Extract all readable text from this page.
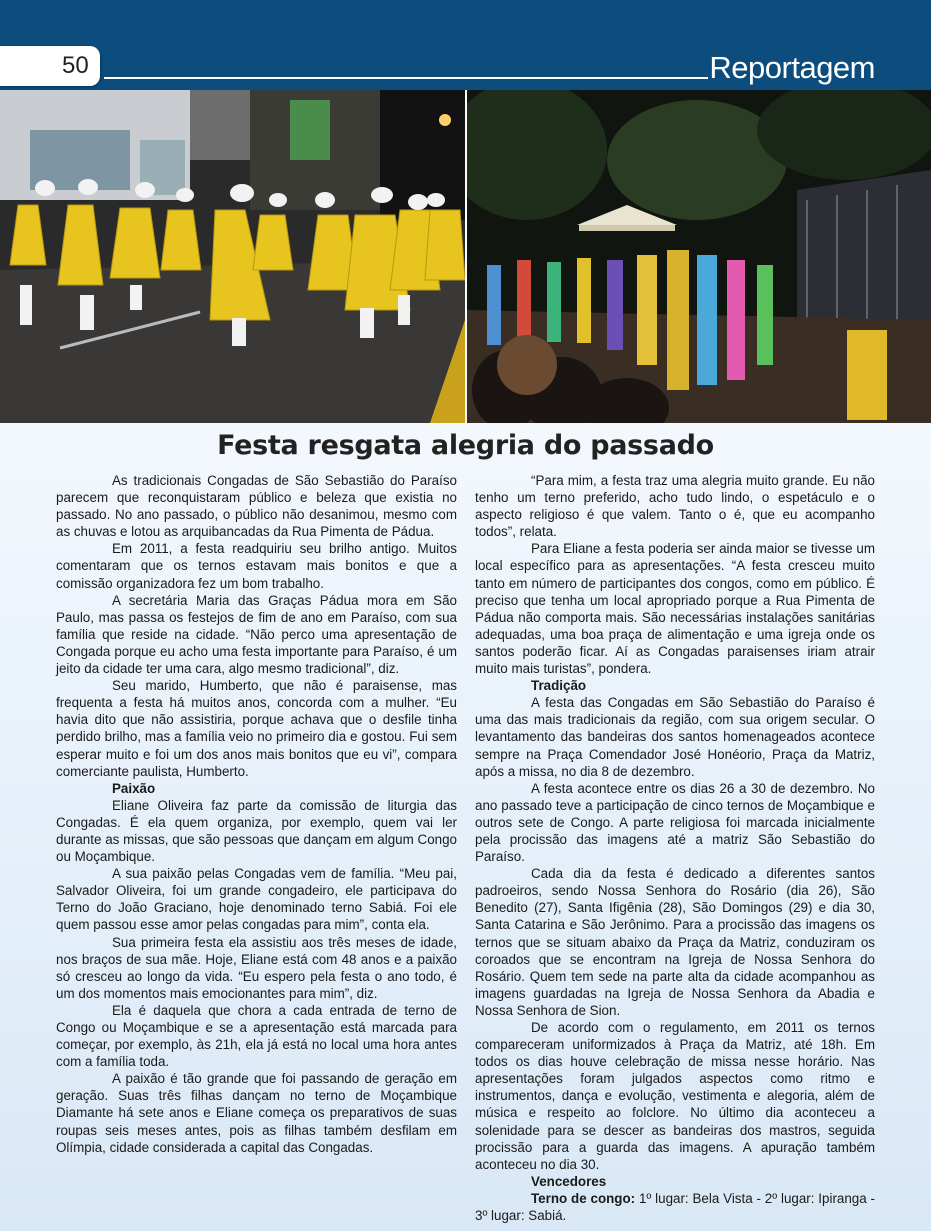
50	Reportagem
Festa resgata alegria do passado

As tradicionais Congadas de São Sebastião do Paraíso parecem que reconquistaram público e beleza que existia no passado. No ano passado, o público não desanimou, mesmo com as chuvas e lotou as arquibancadas da Rua Pimenta de Pádua.

Em 2011, a festa readquiriu seu brilho antigo. Muitos comentaram que os ternos estavam mais bonitos e que a comissão organizadora fez um bom trabalho.

A secretária Maria das Graças Pádua mora em São Paulo, mas passa os festejos de fim de ano em Paraíso, com sua família que reside na cidade. “Não perco uma apresentação de Congada porque eu acho uma festa importante para Paraíso, é um jeito da cidade ter uma cara, algo mesmo tradicional”, diz.

Seu marido, Humberto, que não é paraisense, mas frequenta a festa há muitos anos, concorda com a mulher. “Eu havia dito que não assistiria, porque achava que o desfile tinha perdido brilho, mas a família veio no primeiro dia e gostou. Fui sem esperar muito e foi um dos anos mais bonitos que eu vi”, compara comerciante paulista, Humberto.

Paixão

Eliane Oliveira faz parte da comissão de liturgia das Congadas. É ela quem organiza, por exemplo, quem vai ler durante as missas, que são pessoas que dançam em algum Congo ou Moçambique.

A sua paixão pelas Congadas vem de família. “Meu pai, Salvador Oliveira, foi um grande congadeiro, ele participava do Terno do João Graciano, hoje denominado terno Sabiá. Foi ele quem passou esse amor pelas congadas para mim”, conta ela.

Sua primeira festa ela assistiu aos três meses de idade, nos braços de sua mãe. Hoje, Eliane está com 48 anos e a paixão só cresceu ao longo da vida. “Eu espero pela festa o ano todo, é um dos momentos mais emocionantes para mim”, diz.

Ela é daquela que chora a cada entrada de terno de Congo ou Moçambique e se a apresentação está marcada para começar, por exemplo, às 21h, ela já está no local uma hora antes com a família toda.

A paixão é tão grande que foi passando de geração em geração. Suas três filhas dançam no terno de Moçambique Diamante há sete anos e Eliane começa os preparativos de suas roupas seis meses antes, pois as filhas também desfilam em Olímpia, cidade considerada a capital das Congadas.

“Para mim, a festa traz uma alegria muito grande. Eu não tenho um terno preferido, acho tudo lindo, o espetáculo e o aspecto religioso é que valem. Tanto o é, que eu acompanho todos”, relata.

Para Eliane a festa poderia ser ainda maior se tivesse um local específico para as apresentações. “A festa cresceu muito tanto em número de participantes dos congos, como em público. É preciso que tenha um local apropriado porque a Rua Pimenta de Pádua não comporta mais. São necessárias instalações sanitárias adequadas, uma boa praça de alimentação e uma igreja onde os santos poderão ficar. Aí as Congadas paraisenses iriam atrair muito mais turistas”, pondera.

Tradição

A festa das Congadas em São Sebastião do Paraíso é uma das mais tradicionais da região, com sua origem secular. O levantamento das bandeiras dos santos homenageados acontece sempre na Praça Comendador José Honéorio, Praça da Matriz, após a missa, no dia 8 de dezembro.

A festa acontece entre os dias 26 a 30 de dezembro. No ano passado teve a participação de cinco ternos de Moçambique e outros sete de Congo. A parte religiosa foi marcada inicialmente pela procissão das imagens até a matriz São Sebastião do Paraíso.

Cada dia da festa é dedicado a diferentes santos padroeiros, sendo Nossa Senhora do Rosário (dia 26), São Benedito (27), Santa Ifigênia (28), São Domingos (29) e dia 30, Santa Catarina e São Jerônimo. Para a procissão das imagens os ternos que se situam abaixo da Praça da Matriz, conduziram os coroados que se encontram na Igreja de Nossa Senhora do Rosário. Quem tem sede na parte alta da cidade acompanhou as imagens guardadas na Igreja de Nossa Senhora da Abadia e Nossa Senhora de Sion.

De acordo com o regulamento, em 2011 os ternos compareceram uniformizados à Praça da Matriz, até 18h. Em todos os dias houve celebração de missa nesse horário. Nas apresentações foram julgados aspectos como ritmo e instrumentos, dança e evolução, vestimenta e alegoria, além de música e respeito ao folclore. No último dia aconteceu a solenidade para se descer as bandeiras dos mastros, seguida procissão para a guarda das imagens. A apuração também aconteceu no dia 30.

Vencedores

Terno de congo: 1º lugar: Bela Vista - 2º lugar: Ipiranga - 3º lugar: Sabiá.
